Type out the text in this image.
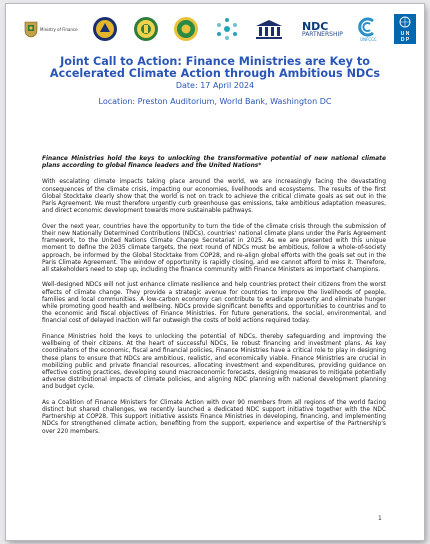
Ministry of Finance	NDC
PARTNERSHIP
UNFCCC
U N
D P

Joint Call to Action: Finance Ministries are Key to

Accelerated Climate Action through Ambitious NDCs

Date: 17 April 2024

Location: Preston Auditorium, World Bank, Washington DC

Finance Ministries hold the keys to unlocking the transformative potential of new national climate plans according to global finance leaders and the United Nations*

With escalating climate impacts taking place around the world, we are increasingly facing the devastating consequences of the climate crisis, impacting our economies, livelihoods and ecosystems. The results of the first Global Stocktake clearly show that the world is not on track to achieve the critical climate goals as set out in the Paris Agreement. We must therefore urgently curb greenhouse gas emissions, take ambitious adaptation measures, and direct economic development towards more sustainable pathways.

Over the next year, countries have the opportunity to turn the tide of the climate crisis through the submission of their new Nationally Determined Contributions (NDCs), countries' national climate plans under the Paris Agreement framework, to the United Nations Climate Change Secretariat in 2025. As we are presented with this unique moment to define the 2035 climate targets, the next round of NDCs must be ambitious, follow a whole-of-society approach, be informed by the Global Stocktake from COP28, and re-align global efforts with the goals set out in the Paris Climate Agreement. The window of opportunity is rapidly closing, and we cannot afford to miss it. Therefore, all stakeholders need to step up, including the finance community with Finance Ministers as important champions.

Well-designed NDCs will not just enhance climate resilience and help countries protect their citizens from the worst effects of climate change. They provide a strategic avenue for countries to improve the livelihoods of people, families and local communities. A low-carbon economy can contribute to eradicate poverty and eliminate hunger while promoting good health and wellbeing. NDCs provide significant benefits and opportunities to countries and to the economic and fiscal objectives of Finance Ministries. For future generations, the social, environmental, and financial cost of delayed inaction will far outweigh the costs of bold actions required today.

Finance Ministries hold the keys to unlocking the potential of NDCs, thereby safeguarding and improving the wellbeing of their citizens. At the heart of successful NDCs, lie robust financing and investment plans. As key coordinators of the economic, fiscal and financial policies, Finance Ministries have a critical role to play in designing these plans to ensure that NDCs are ambitious, realistic, and economically viable. Finance Ministries are crucial in mobilizing public and private financial resources, allocating investment and expenditures, providing guidance on effective costing practices, developing sound macroeconomic forecasts, designing measures to mitigate potentially adverse distributional impacts of climate policies, and aligning NDC planning with national development planning and budget cycle.

As a Coalition of Finance Ministers for Climate Action with over 90 members from all regions of the world facing distinct but shared challenges, we recently launched a dedicated NDC support initiative together with the NDC Partnership at COP28. This support initiative assists Finance Ministries in developing, financing, and implementing NDCs for strengthened climate action, benefiting from the support, experience and expertise of the Partnership's over 220 members.

1
